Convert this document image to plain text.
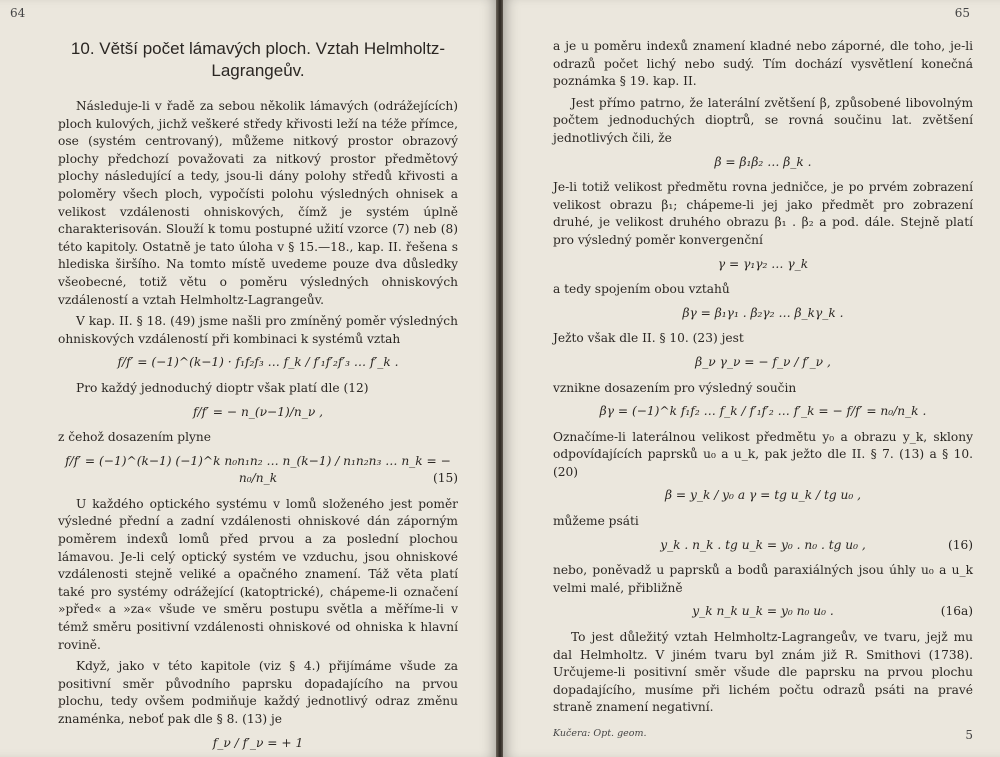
64
10. Větší počet lámavých ploch. Vztah Helmholtz-Lagrangeův.

Následuje-li v řadě za sebou několik lámavých (odrážejících) ploch kulových, jichž veškeré středy křivosti leží na téže přímce, ose (systém centrovaný), můžeme nitkový prostor obrazový plochy předchozí považovati za nitkový prostor předmětový plochy následující a tedy, jsou-li dány polohy středů křivosti a poloměry všech ploch, vypočísti polohu výsledných ohnisek a velikost vzdálenosti ohniskových, čímž je systém úplně charakterisován. Slouží k tomu postupné užití vzorce (7) neb (8) této kapitoly. Ostatně je tato úloha v § 15.—18., kap. II. řešena s hlediska širšího. Na tomto místě uvedeme pouze dva důsledky všeobecné, totiž větu o poměru výsledných ohniskových vzdáleností a vztah Helmholtz-Lagrangeův.

V kap. II. § 18. (49) jsme našli pro zmíněný poměr výsledných ohniskových vzdáleností při kombinaci k systémů vztah

f/f′ = (−1)^(k−1) · f₁f₂f₃ … f_k / f′₁f′₂f′₃ … f′_k .

Pro každý jednoduchý dioptr však platí dle (12)

f/f′ = − n_(ν−1)/n_ν ,

z čehož dosazením plyne

f/f′ = (−1)^(k−1) (−1)^k n₀n₁n₂ … n_(k−1) / n₁n₂n₃ … n_k = − n₀/n_k	(15)

U každého optického systému v lomů složeného jest poměr výsledné přední a zadní vzdálenosti ohniskové dán záporným poměrem indexů lomů před prvou a za poslední plochou lámavou. Je-li celý optický systém ve vzduchu, jsou ohniskové vzdálenosti stejně veliké a opačného znamení. Táž věta platí také pro systémy odrážející (katoptrické), chápeme-li označení »před« a »za« všude ve směru postupu světla a měříme-li v témž směru positivní vzdálenosti ohniskové od ohniska k hlavní rovině.

Když, jako v této kapitole (viz § 4.) přijímáme všude za positivní směr původního paprsku dopadajícího na prvou plochu, tedy ovšem podmiňuje každý jednotlivý odraz změnu znaménka, neboť pak dle § 8. (13) je

f_ν / f′_ν = + 1
65

a je u poměru indexů znamení kladné nebo záporné, dle toho, je-li odrazů počet lichý nebo sudý. Tím dochází vysvětlení konečná poznámka § 19. kap. II.

Jest přímo patrno, že laterální zvětšení β, způsobené libovolným počtem jednoduchých dioptrů, se rovná součinu lat. zvětšení jednotlivých čili, že

β = β₁β₂ … β_k .

Je-li totiž velikost předmětu rovna jedničce, je po prvém zobrazení velikost obrazu β₁; chápeme-li jej jako předmět pro zobrazení druhé, je velikost druhého obrazu β₁ . β₂ a pod. dále. Stejně platí pro výsledný poměr konvergenční

γ = γ₁γ₂ … γ_k

a tedy spojením obou vztahů

βγ = β₁γ₁ . β₂γ₂ … β_kγ_k .

Ježto však dle II. § 10. (23) jest

β_ν γ_ν = − f_ν / f′_ν ,

vznikne dosazením pro výsledný součin

βγ = (−1)^k f₁f₂ … f_k / f′₁f′₂ … f′_k = − f/f′ = n₀/n_k .

Označíme-li laterálnou velikost předmětu y₀ a obrazu y_k, sklony odpovídajících paprsků u₀ a u_k, pak ježto dle II. § 7. (13) a § 10. (20)

β = y_k / y₀ a γ = tg u_k / tg u₀ ,

můžeme psáti

y_k . n_k . tg u_k = y₀ . n₀ . tg u₀ ,	(16)

nebo, poněvadž u paprsků a bodů paraxiálných jsou úhly u₀ a u_k velmi malé, přibližně

y_k n_k u_k = y₀ n₀ u₀ .	(16a)

To jest důležitý vztah Helmholtz-Lagrangeův, ve tvaru, jejž mu dal Helmholtz. V jiném tvaru byl znám již R. Smithovi (1738). Určujeme-li positivní směr všude dle paprsku na prvou plochu dopadajícího, musíme při lichém počtu odrazů psáti na pravé straně znamení negativní.

Kučera: Opt. geom.	5
